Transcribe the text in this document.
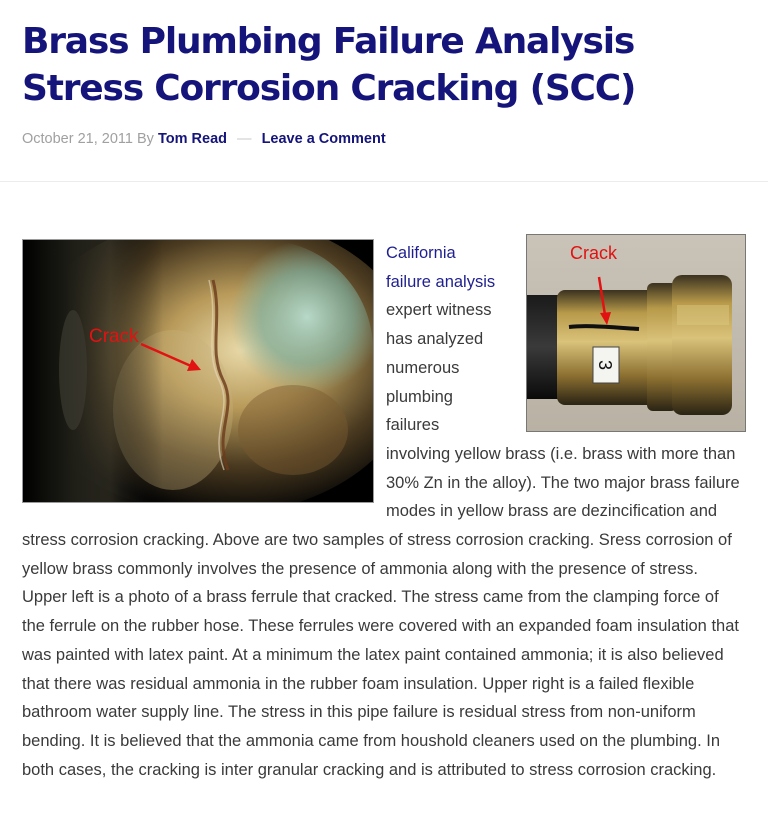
Brass Plumbing Failure Analysis Stress Corrosion Cracking (SCC)
October 21, 2011 By Tom Read — Leave a Comment
Crack
3
Crack

California failure analysis expert witness has analyzed numerous plumbing failures involving yellow brass (i.e. brass with more than 30% Zn in the alloy). The two major brass failure modes in yellow brass are dezincification and stress corrosion cracking. Above are two samples of stress corrosion cracking. Sress corrosion of yellow brass commonly involves the presence of ammonia along with the presence of stress. Upper left is a photo of a brass ferrule that cracked. The stress came from the clamping force of the ferrule on the rubber hose. These ferrules were covered with an expanded foam insulation that was painted with latex paint. At a minimum the latex paint contained ammonia; it is also believed that there was residual ammonia in the rubber foam insulation. Upper right is a failed flexible bathroom water supply line. The stress in this pipe failure is residual stress from non-uniform bending. It is believed that the ammonia came from houshold cleaners used on the plumbing. In both cases, the cracking is inter granular cracking and is attributed to stress corrosion cracking.
